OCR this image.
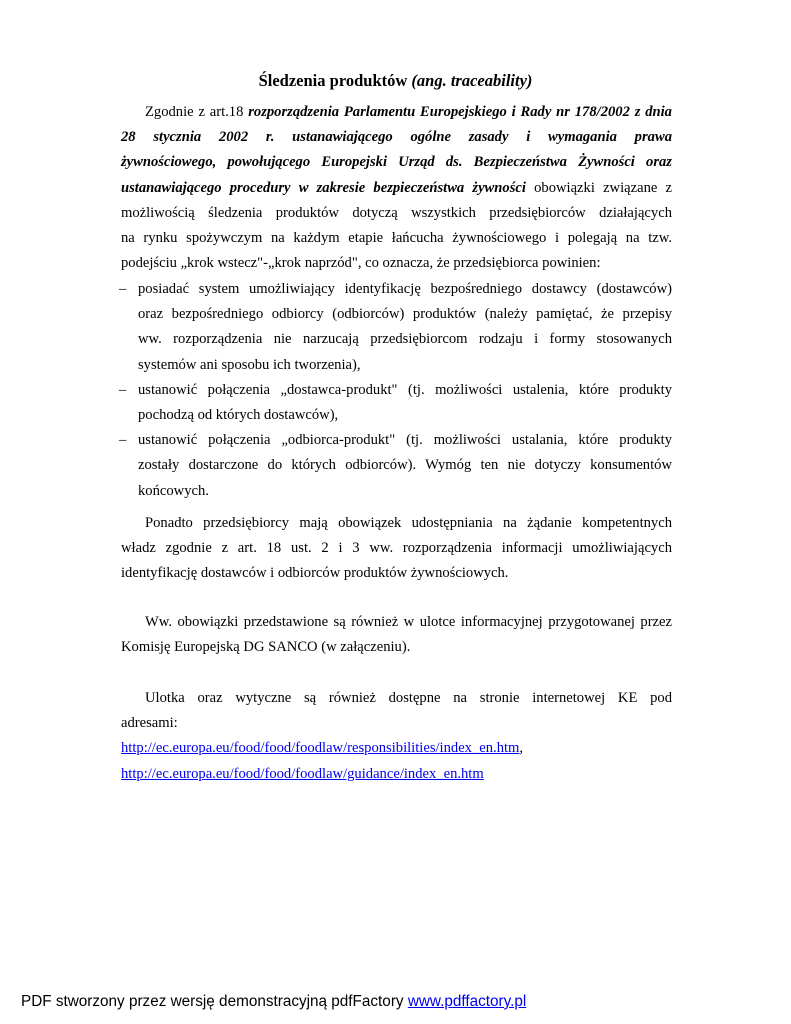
Śledzenia produktów (ang. traceability)
Zgodnie z art.18 rozporządzenia Parlamentu Europejskiego i Rady nr 178/2002 z dnia
28 stycznia 2002 r. ustanawiającego ogólne zasady i wymagania prawa
żywnościowego, powołującego Europejski Urząd ds. Bezpieczeństwa Żywności oraz
ustanawiającego procedury w zakresie bezpieczeństwa żywności obowiązki związane z
możliwością śledzenia produktów dotyczą wszystkich przedsiębiorców działających
na rynku spożywczym na każdym etapie łańcucha żywnościowego i polegają na tzw.
podejściu „krok wstecz"-„krok naprzód", co oznacza, że przedsiębiorca powinien:
– posiadać system umożliwiający identyfikację bezpośredniego dostawcy (dostawców)
oraz bezpośredniego odbiorcy (odbiorców) produktów (należy pamiętać, że przepisy
ww. rozporządzenia nie narzucają przedsiębiorcom rodzaju i formy stosowanych
systemów ani sposobu ich tworzenia),
– ustanowić połączenia „dostawca-produkt" (tj. możliwości ustalenia, które produkty
pochodzą od których dostawców),
– ustanowić połączenia „odbiorca-produkt" (tj. możliwości ustalania, które produkty
zostały dostarczone do których odbiorców). Wymóg ten nie dotyczy konsumentów
końcowych.
Ponadto przedsiębiorcy mają obowiązek udostępniania na żądanie kompetentnych
władz zgodnie z art. 18 ust. 2 i 3 ww. rozporządzenia informacji umożliwiających
identyfikację dostawców i odbiorców produktów żywnościowych.
Ww. obowiązki przedstawione są również w ulotce informacyjnej przygotowanej przez
Komisję Europejską DG SANCO (w załączeniu).
Ulotka oraz wytyczne są również dostępne na stronie internetowej KE pod
adresami:
http://ec.europa.eu/food/food/foodlaw/responsibilities/index_en.htm,
http://ec.europa.eu/food/food/foodlaw/guidance/index_en.htm
PDF stworzony przez wersję demonstracyjną pdfFactory www.pdffactory.pl
